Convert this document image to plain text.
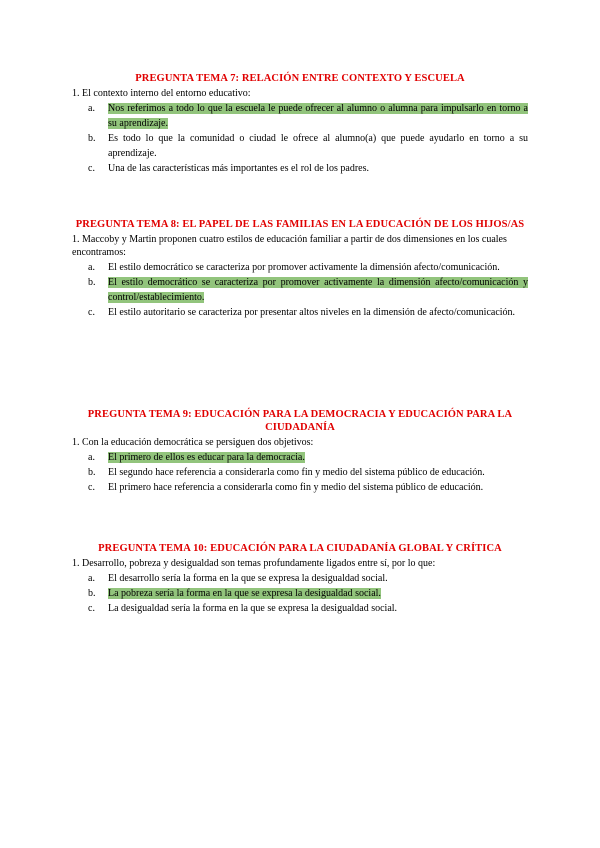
PREGUNTA TEMA 7: RELACIÓN ENTRE CONTEXTO Y ESCUELA

1. El contexto interno del entorno educativo:

a.	Nos referimos a todo lo que la escuela le puede ofrecer al alumno o alumna para impulsarlo en torno a su aprendizaje.
b.	Es todo lo que la comunidad o ciudad le ofrece al alumno(a) que puede ayudarlo en torno a su aprendizaje.
c.	Una de las características más importantes es el rol de los padres.
PREGUNTA TEMA 8: EL PAPEL DE LAS FAMILIAS EN LA EDUCACIÓN DE LOS HIJOS/AS

1. Maccoby y Martin proponen cuatro estilos de educación familiar a partir de dos dimensiones en los cuales encontramos:

a.	El estilo democrático se caracteriza por promover activamente la dimensión afecto/comunicación.
b.	El estilo democrático se caracteriza por promover activamente la dimensión afecto/comunicación y control/establecimiento.
c.	El estilo autoritario se caracteriza por presentar altos niveles en la dimensión de afecto/comunicación.
PREGUNTA TEMA 9: EDUCACIÓN PARA LA DEMOCRACIA Y EDUCACIÓN PARA LA CIUDADANÍA

1. Con la educación democrática se persiguen dos objetivos:

a.	El primero de ellos es educar para la democracia.
b.	El segundo hace referencia a considerarla como fin y medio del sistema público de educación.
c.	El primero hace referencia a considerarla como fin y medio del sistema público de educación.
PREGUNTA TEMA 10: EDUCACIÓN PARA LA CIUDADANÍA GLOBAL Y CRÍTICA

1. Desarrollo, pobreza y desigualdad son temas profundamente ligados entre sí, por lo que:

a.	El desarrollo sería la forma en la que se expresa la desigualdad social.
b.	La pobreza sería la forma en la que se expresa la desigualdad social.
c.	La desigualdad sería la forma en la que se expresa la desigualdad social.
